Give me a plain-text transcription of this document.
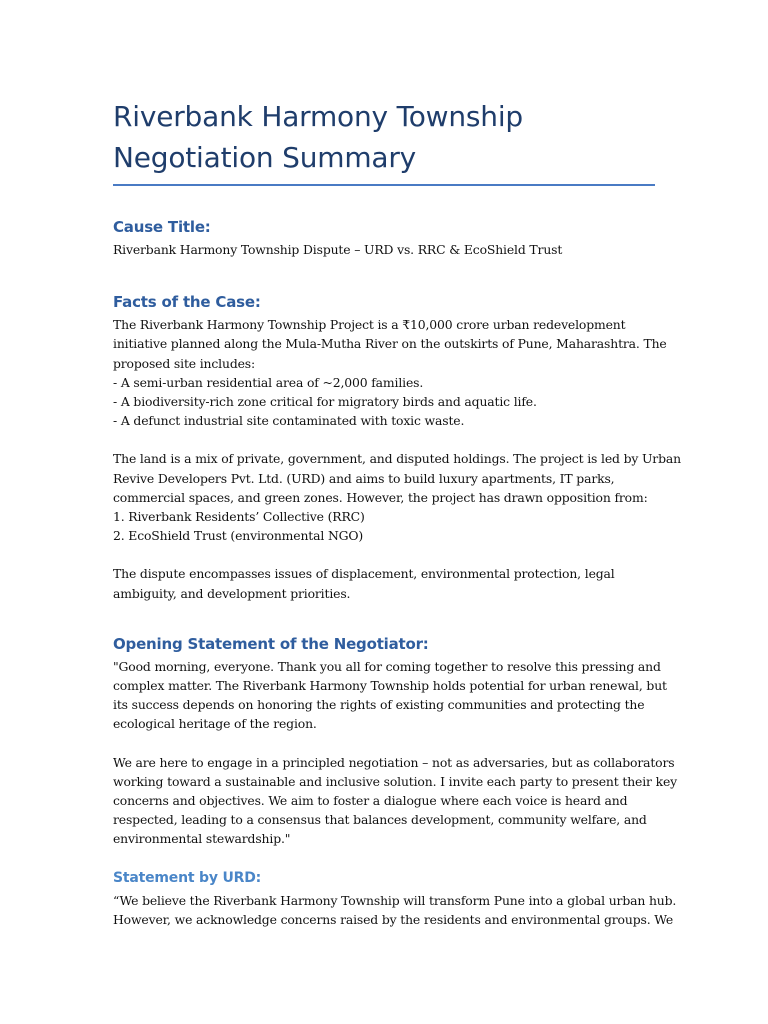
Riverbank Harmony Township
Negotiation Summary
Cause Title:

Riverbank Harmony Township Dispute – URD vs. RRC & EcoShield Trust

Facts of the Case:

The Riverbank Harmony Township Project is a ₹10,000 crore urban redevelopment
initiative planned along the Mula-Mutha River on the outskirts of Pune, Maharashtra. The
proposed site includes:
- A semi-urban residential area of ~2,000 families.
- A biodiversity-rich zone critical for migratory birds and aquatic life.
- A defunct industrial site contaminated with toxic waste.

The land is a mix of private, government, and disputed holdings. The project is led by Urban
Revive Developers Pvt. Ltd. (URD) and aims to build luxury apartments, IT parks,
commercial spaces, and green zones. However, the project has drawn opposition from:
1. Riverbank Residents’ Collective (RRC)
2. EcoShield Trust (environmental NGO)

The dispute encompasses issues of displacement, environmental protection, legal
ambiguity, and development priorities.

Opening Statement of the Negotiator:

"Good morning, everyone. Thank you all for coming together to resolve this pressing and
complex matter. The Riverbank Harmony Township holds potential for urban renewal, but
its success depends on honoring the rights of existing communities and protecting the
ecological heritage of the region.

We are here to engage in a principled negotiation – not as adversaries, but as collaborators
working toward a sustainable and inclusive solution. I invite each party to present their key
concerns and objectives. We aim to foster a dialogue where each voice is heard and
respected, leading to a consensus that balances development, community welfare, and
environmental stewardship."

Statement by URD:

“We believe the Riverbank Harmony Township will transform Pune into a global urban hub.
However, we acknowledge concerns raised by the residents and environmental groups. We
